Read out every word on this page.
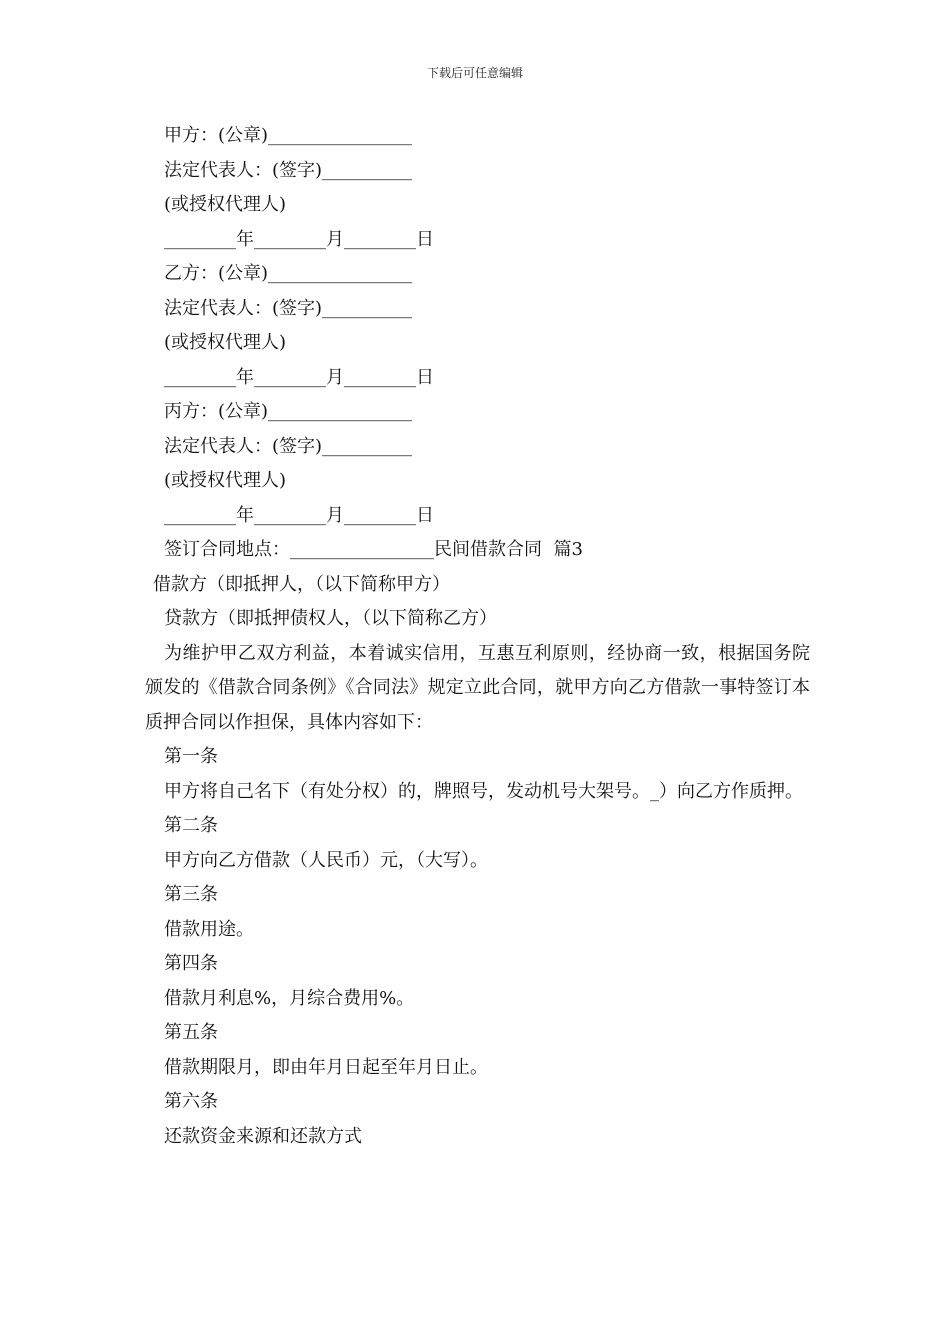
下载后可任意编辑
甲方：(公章)________________
法定代表人：(签字)__________
(或授权代理人)
________年________月________日
乙方：(公章)________________
法定代表人：(签字)__________
(或授权代理人)
________年________月________日
丙方：(公章)________________
法定代表人：(签字)__________
(或授权代理人)
________年________月________日
签订合同地点：________________民间借款合同  篇3
借款方（即抵押人，（以下简称甲方）
贷款方（即抵押债权人，（以下简称乙方）
为维护甲乙双方利益，本着诚实信用，互惠互利原则，经协商一致，根据国务院颁发的《借款合同条例》《合同法》规定立此合同，就甲方向乙方借款一事特签订本质押合同以作担保，具体内容如下：
第一条
甲方将自己名下（有处分权）的，牌照号，发动机号大架号。_）向乙方作质押。
第二条
甲方向乙方借款（人民币）元，（大写）。
第三条
借款用途。
第四条
借款月利息%，月综合费用%。
第五条
借款期限月，即由年月日起至年月日止。
第六条
还款资金来源和还款方式
